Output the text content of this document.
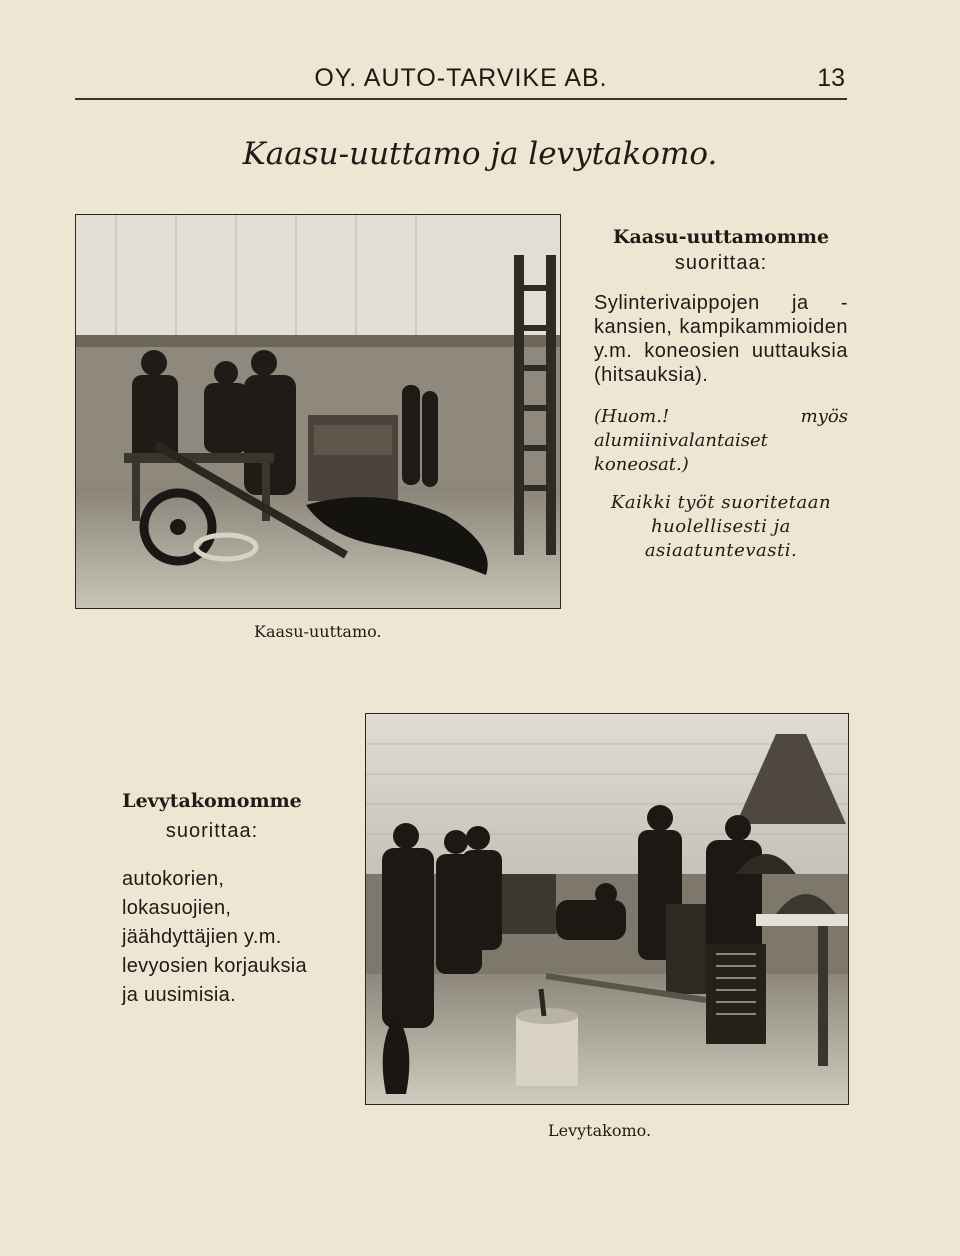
OY. AUTO-TARVIKE AB.	13
Kaasu-uuttamo ja levytakomo.
Kaasu-uuttamo.
Kaasu-uuttamomme
suorittaa:
Sylinterivaippojen ja -kansien, kampikammioiden y.m. koneosien uuttauksia (hitsauksia).
(Huom.! myös alumiinivalantaiset koneosat.)
Kaikki työt suoritetaan huolellisesti ja asiaatuntevasti.
Levytakomomme
suorittaa:
autokorien, lokasuojien, jäähdyttäjien y.m. levyosien korjauksia ja uusimisia.
Levytakomo.
